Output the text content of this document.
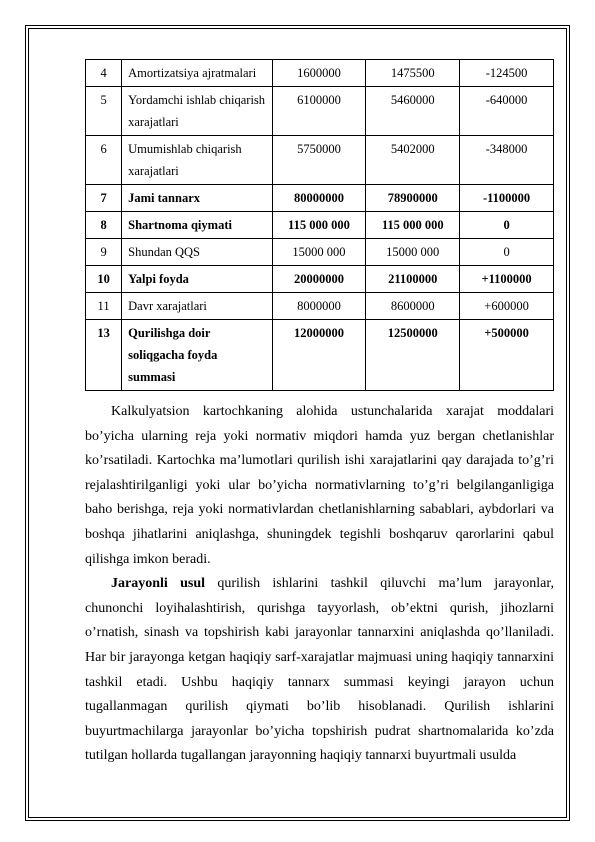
4	Amortizatsiya ajratmalari	1600000	1475500	-124500
5	Yordamchi ishlab chiqarish xarajatlari	6100000	5460000	-640000
6	Umumishlab chiqarish xarajatlari	5750000	5402000	-348000
7	Jami tannarx	80000000	78900000	-1100000
8	Shartnoma qiymati	115 000 000	115 000 000	0
9	Shundan QQS	15000 000	15000 000	0
10	Yalpi foyda	20000000	21100000	+1100000
11	Davr xarajatlari	8000000	8600000	+600000
13	Qurilishga doir soliqgacha foyda summasi	12000000	12500000	+500000

Kalkulyatsion kartochkaning alohida ustunchalarida xarajat moddalari bo’yicha ularning reja yoki normativ miqdori hamda yuz bergan chetlanishlar ko’rsatiladi. Kartochka ma’lumotlari qurilish ishi xarajatlarini qay darajada to’g’ri rejalashtirilganligi yoki ular bo’yicha normativlarning to’g’ri belgilanganligiga baho berishga, reja yoki normativlardan chetlanishlarning sabablari, aybdorlari va boshqa jihatlarini aniqlashga, shuningdek tegishli boshqaruv qarorlarini qabul qilishga imkon beradi.

Jarayonli usul qurilish ishlarini tashkil qiluvchi ma’lum jarayonlar, chunonchi loyihalashtirish, qurishga tayyorlash, ob’ektni qurish, jihozlarni o’rnatish, sinash va topshirish kabi jarayonlar tannarxini aniqlashda qo’llaniladi. Har bir jarayonga ketgan haqiqiy sarf-xarajatlar majmuasi uning haqiqiy tannarxini tashkil etadi. Ushbu haqiqiy tannarx summasi keyingi jarayon uchun tugallanmagan qurilish qiymati bo’lib hisoblanadi. Qurilish ishlarini buyurtmachilarga jarayonlar bo’yicha topshirish pudrat shartnomalarida ko’zda tutilgan hollarda tugallangan jarayonning haqiqiy tannarxi buyurtmali usulda
